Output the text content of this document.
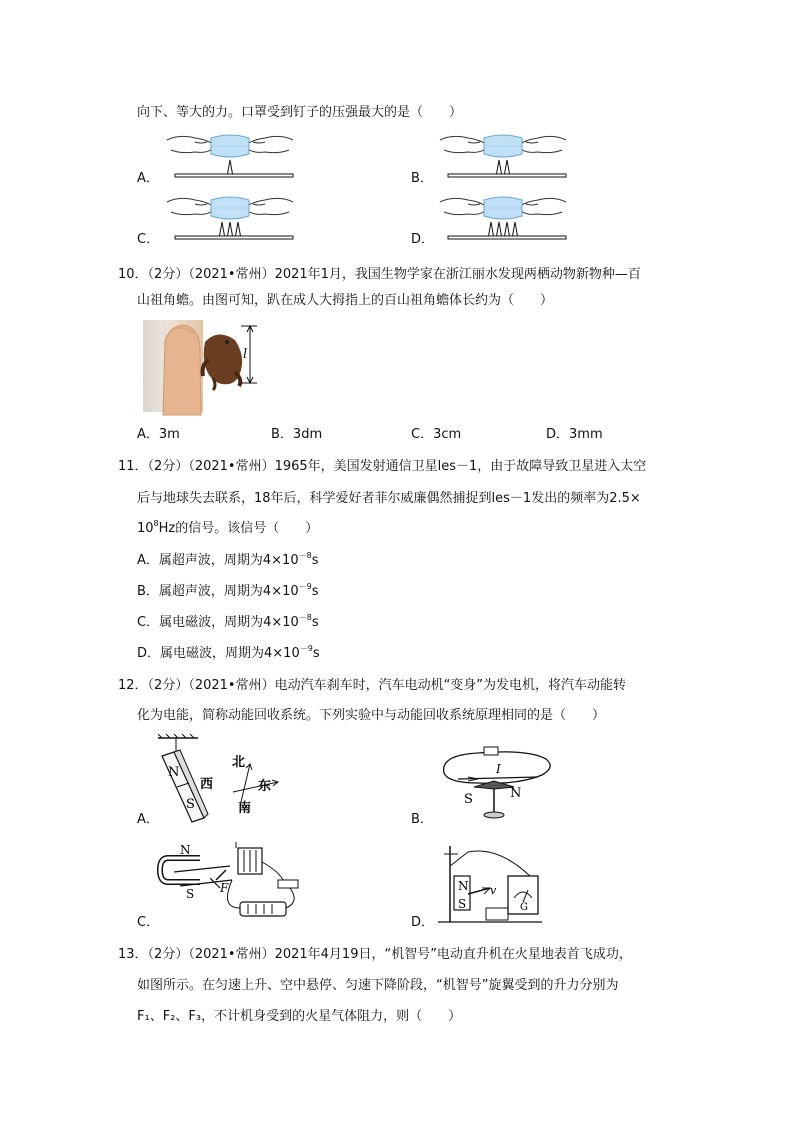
向下、等大的力。口罩受到钉子的压强最大的是（　　）
A．	B．
C．	D．
10．（2分）（2021•常州）2021年1月，我国生物学家在浙江丽水发现两栖动物新物种—百
山祖角蟾。由图可知，趴在成人大拇指上的百山祖角蟾体长约为（　　）
l
A．3m	B．3dm	C．3cm	D．3mm
11．（2分）（2021•常州）1965年，美国发射通信卫星les－1，由于故障导致卫星进入太空
后与地球失去联系，18年后，科学爱好者菲尔威廉偶然捕捉到les－1发出的频率为2.5×
$10^8Hz$的信号。该信号（　　）
A．属超声波，周期为$4\times 10^{-8}s$
B．属超声波，周期为$4\times 10^{-9}s$
C．属电磁波，周期为$4\times 10^{-8}s$
D．属电磁波，周期为$4\times 10^{-9}s$
12．（2分）（2021•常州）电动汽车刹车时，汽车电动机“变身”为发电机，将汽车动能转
化为电能，简称动能回收系统。下列实验中与动能回收系统原理相同的是（　　）
N
S
北
西	东
南
A．
I
S	N
B．
N
S F
C．
N
S
v
G
D．
13．（2分）（2021•常州）2021年4月19日，“机智号”电动直升机在火星地表首飞成功，
如图所示。在匀速上升、空中悬停、匀速下降阶段，“机智号”旋翼受到的升力分别为
F₁、F₂、F₃，不计机身受到的火星气体阻力，则（　　）
